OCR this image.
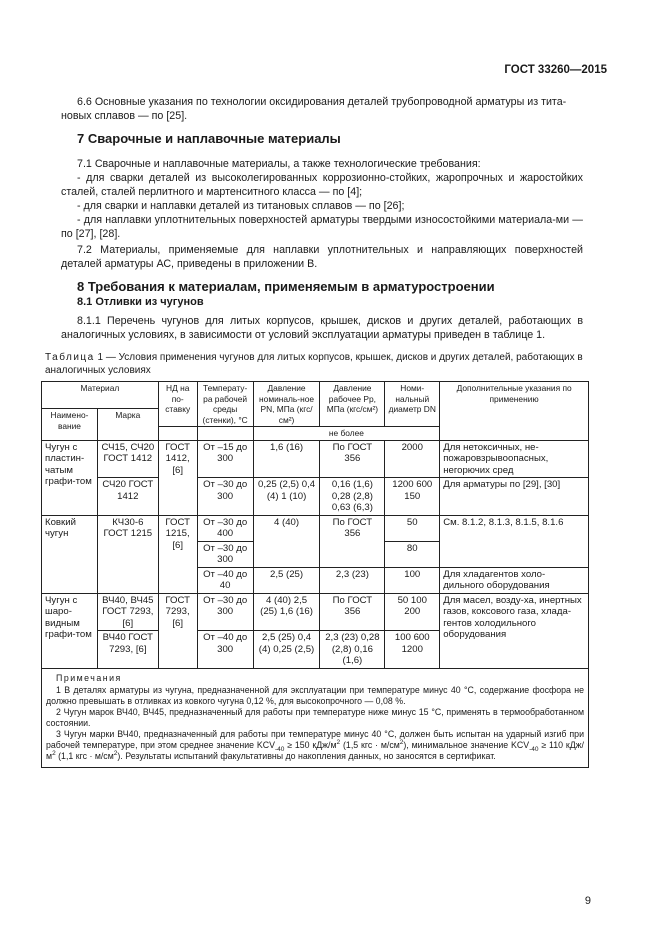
ГОСТ 33260—2015
6.6 Основные указания по технологии оксидирования деталей трубопроводной арматуры из тита-
новых сплавов — по [25].
7 Сварочные и наплавочные материалы
7.1 Сварочные и наплавочные материалы, а также технологические требования:
- для сварки деталей из высоколегированных коррозионно-стойких, жаропрочных и жаростойких сталей, сталей перлитного и мартенситного класса — по [4];
- для сварки и наплавки деталей из титановых сплавов — по [26];
- для наплавки уплотнительных поверхностей арматуры твердыми износостойкими материала-ми — по [27], [28].
7.2 Материалы, применяемые для наплавки уплотнительных и направляющих поверхностей деталей арматуры АС, приведены в приложении В.
8 Требования к материалам, применяемым в арматуростроении
8.1 Отливки из чугунов
8.1.1 Перечень чугунов для литых корпусов, крышек, дисков и других деталей, работающих в аналогичных условиях, в зависимости от условий эксплуатации арматуры приведен в таблице 1.
Таблица 1 — Условия применения чугунов для литых корпусов, крышек, дисков и других деталей, работающих в аналогичных условиях
Материал		НД на по-ставку	Температу-ра рабочей среды (стенки), °С	Давление номиналь-ное PN, МПа (кгс/см²)	Давление рабочее Pp, МПа (кгс/см²)	Номи-нальный диаметр DN	Дополнительные указания по применению
Наимено-вание	Марка						
				не более			
Чугун с пластин-чатым графи-том	СЧ15, СЧ20 ГОСТ 1412	ГОСТ 1412, [6]	От –15 до 300	1,6 (16)	По ГОСТ 356	2000	Для нетоксичных, не-пожаровзрывоопасных, негорючих сред
	СЧ20 ГОСТ 1412		От –30 до 300	0,25 (2,5) 0,4 (4) 1 (10)	0,16 (1,6) 0,28 (2,8) 0,63 (6,3)	1200 600 150	Для арматуры по [29], [30]
Ковкий чугун	КЧ30-6 ГОСТ 1215	ГОСТ 1215, [6]	От –30 до 400	4 (40)	По ГОСТ 356	50	См. 8.1.2, 8.1.3, 8.1.5, 8.1.6
			От –30 до 300			80	
			От –40 до 40	2,5 (25)	2,3 (23)	100	Для хладагентов холо-дильного оборудования
Чугун с шаро-видным графи-том	ВЧ40, ВЧ45 ГОСТ 7293, [6]	ГОСТ 7293, [6]	От –30 до 300	4 (40) 2,5 (25) 1,6 (16)	По ГОСТ 356	50 100 200	Для масел, возду-ха, инертных газов, коксового газа, хлада-гентов холодильного оборудования
	ВЧ40 ГОСТ 7293, [6]		От –40 до 300	2,5 (25) 0,4 (4) 0,25 (2,5)	2,3 (23) 0,28 (2,8) 0,16 (1,6)	100 600 1200	

Примечания

1 В деталях арматуры из чугуна, предназначенной для эксплуатации при температуре минус 40 °С, содержание фосфора не должно превышать в отливках из ковкого чугуна 0,12 %, для высокопрочного — 0,08 %.

2 Чугун марок ВЧ40, ВЧ45, предназначенный для работы при температуре ниже минус 15 °С, применять в термообработанном состоянии.

3 Чугун марки ВЧ40, предназначенный для работы при температуре минус 40 °С, должен быть испытан на ударный изгиб при рабочей температуре, при этом среднее значение $KCV_{-40} \ge 150$ кДж/$м^2$ (1,5 кгс · $м/см^2$), минимальное значение $KCV_{-40} \ge 110$ кДж/$м^2$ (1,1 кгс · $м/см^2$). Результаты испытаний факультативны до накопления данных, но заносятся в сертификат.							

9
